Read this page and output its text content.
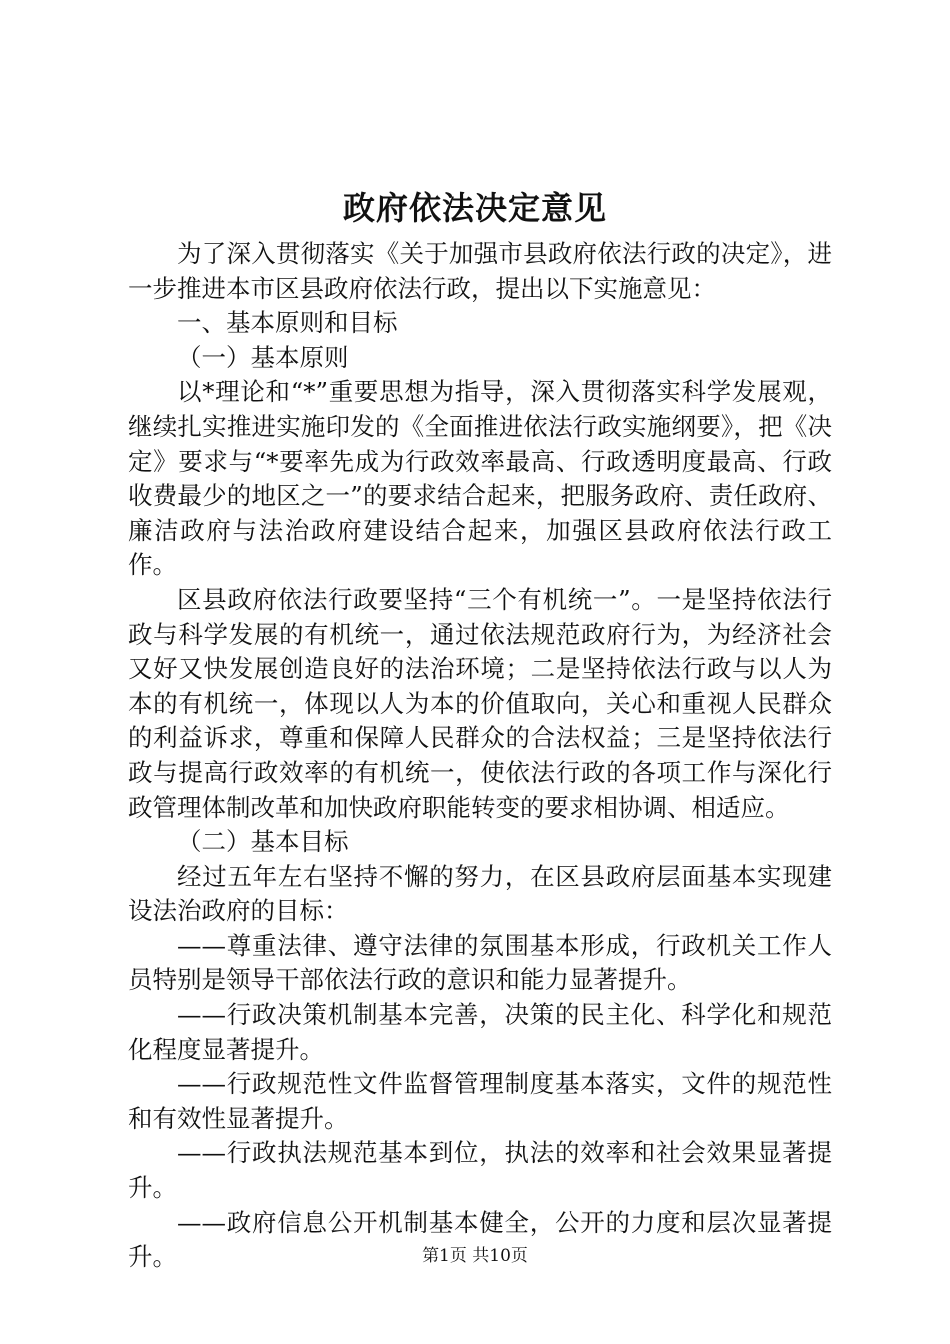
政府依法决定意见

为了深入贯彻落实《关于加强市县政府依法行政的决定》，进一步推进本市区县政府依法行政，提出以下实施意见：

一、基本原则和目标

（一）基本原则

以*理论和“*”重要思想为指导，深入贯彻落实科学发展观，继续扎实推进实施印发的《全面推进依法行政实施纲要》，把《决定》要求与“*要率先成为行政效率最高、行政透明度最高、行政收费最少的地区之一”的要求结合起来，把服务政府、责任政府、廉洁政府与法治政府建设结合起来，加强区县政府依法行政工作。

区县政府依法行政要坚持“三个有机统一”。一是坚持依法行政与科学发展的有机统一，通过依法规范政府行为，为经济社会又好又快发展创造良好的法治环境；二是坚持依法行政与以人为本的有机统一，体现以人为本的价值取向，关心和重视人民群众的利益诉求，尊重和保障人民群众的合法权益；三是坚持依法行政与提高行政效率的有机统一，使依法行政的各项工作与深化行政管理体制改革和加快政府职能转变的要求相协调、相适应。

（二）基本目标

经过五年左右坚持不懈的努力，在区县政府层面基本实现建设法治政府的目标：

——尊重法律、遵守法律的氛围基本形成，行政机关工作人员特别是领导干部依法行政的意识和能力显著提升。

——行政决策机制基本完善，决策的民主化、科学化和规范化程度显著提升。

——行政规范性文件监督管理制度基本落实，文件的规范性和有效性显著提升。

——行政执法规范基本到位，执法的效率和社会效果显著提升。

——政府信息公开机制基本健全，公开的力度和层次显著提升。	第1页 共10页
